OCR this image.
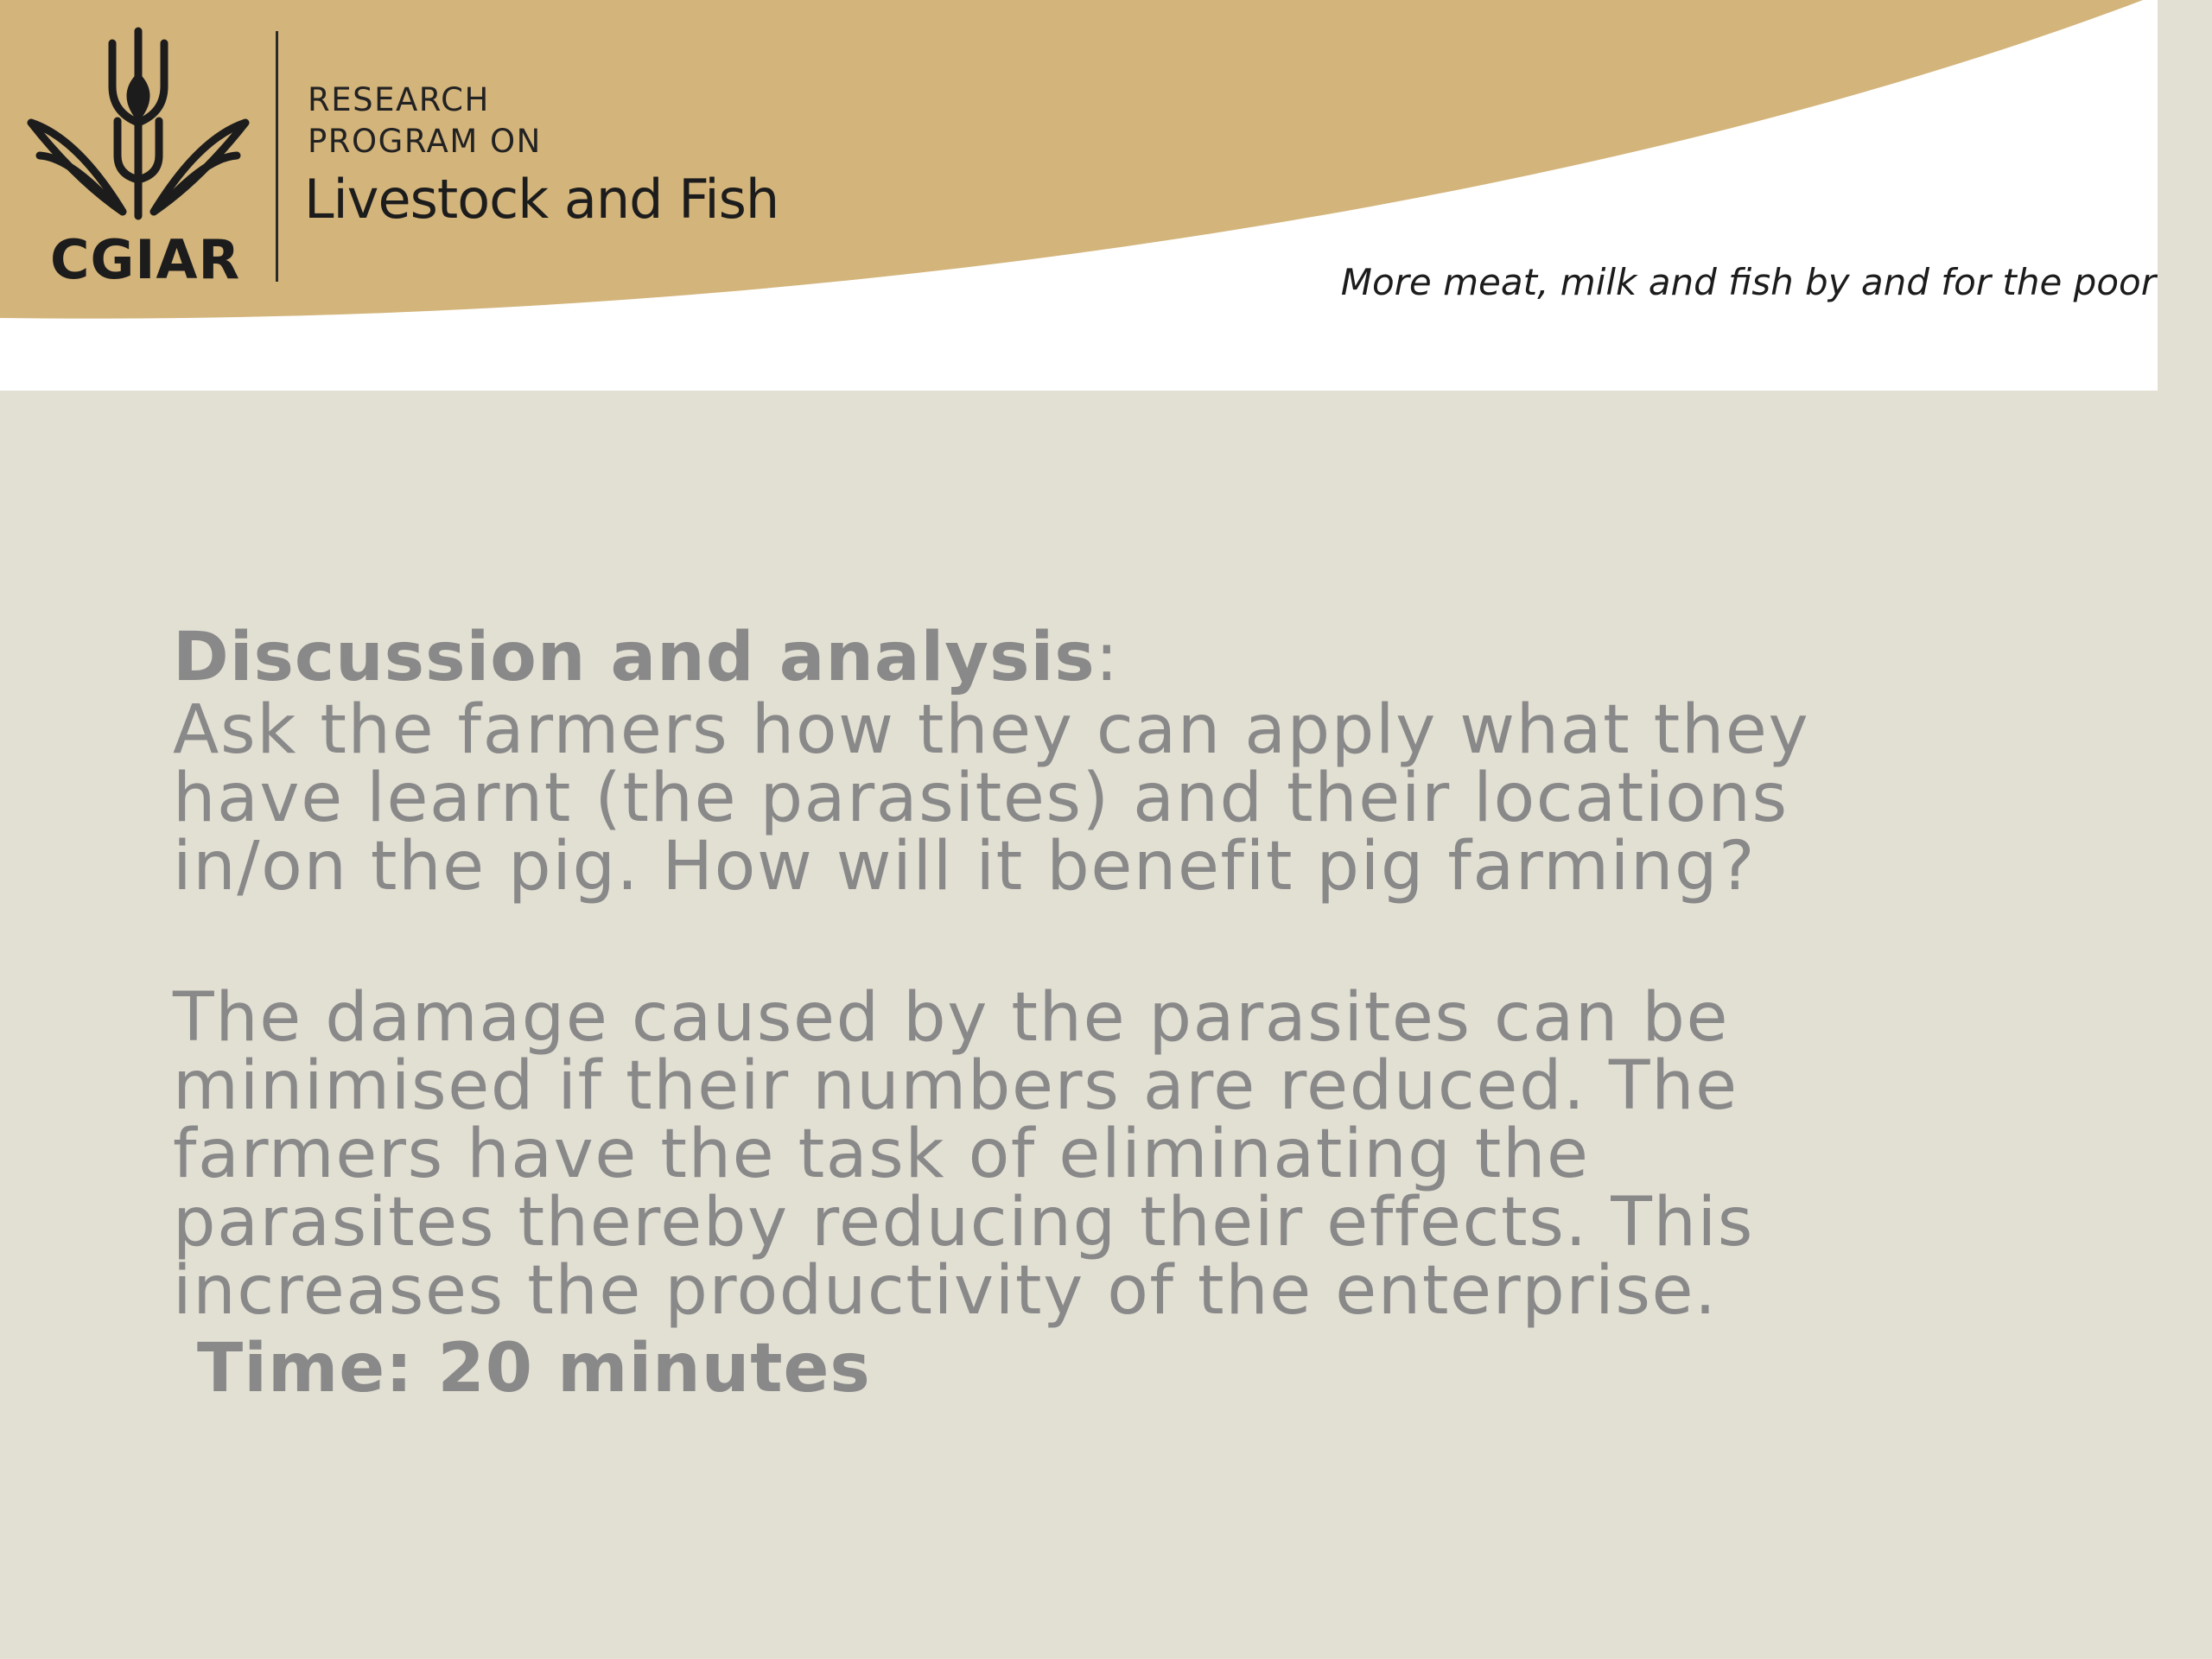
CGIAR
RESEARCH
PROGRAM ON
Livestock and Fish
More meat, milk and fish by and for the poor

Discussion and analysis:

Ask the farmers how they can apply what they
have learnt (the parasites) and their locations
in/on the pig. How will it benefit pig farming?

The damage caused by the parasites can be
minimised if their numbers are reduced. The
farmers have the task of eliminating the
parasites thereby reducing their effects. This
increases the productivity of the enterprise.

Time: 20 minutes
